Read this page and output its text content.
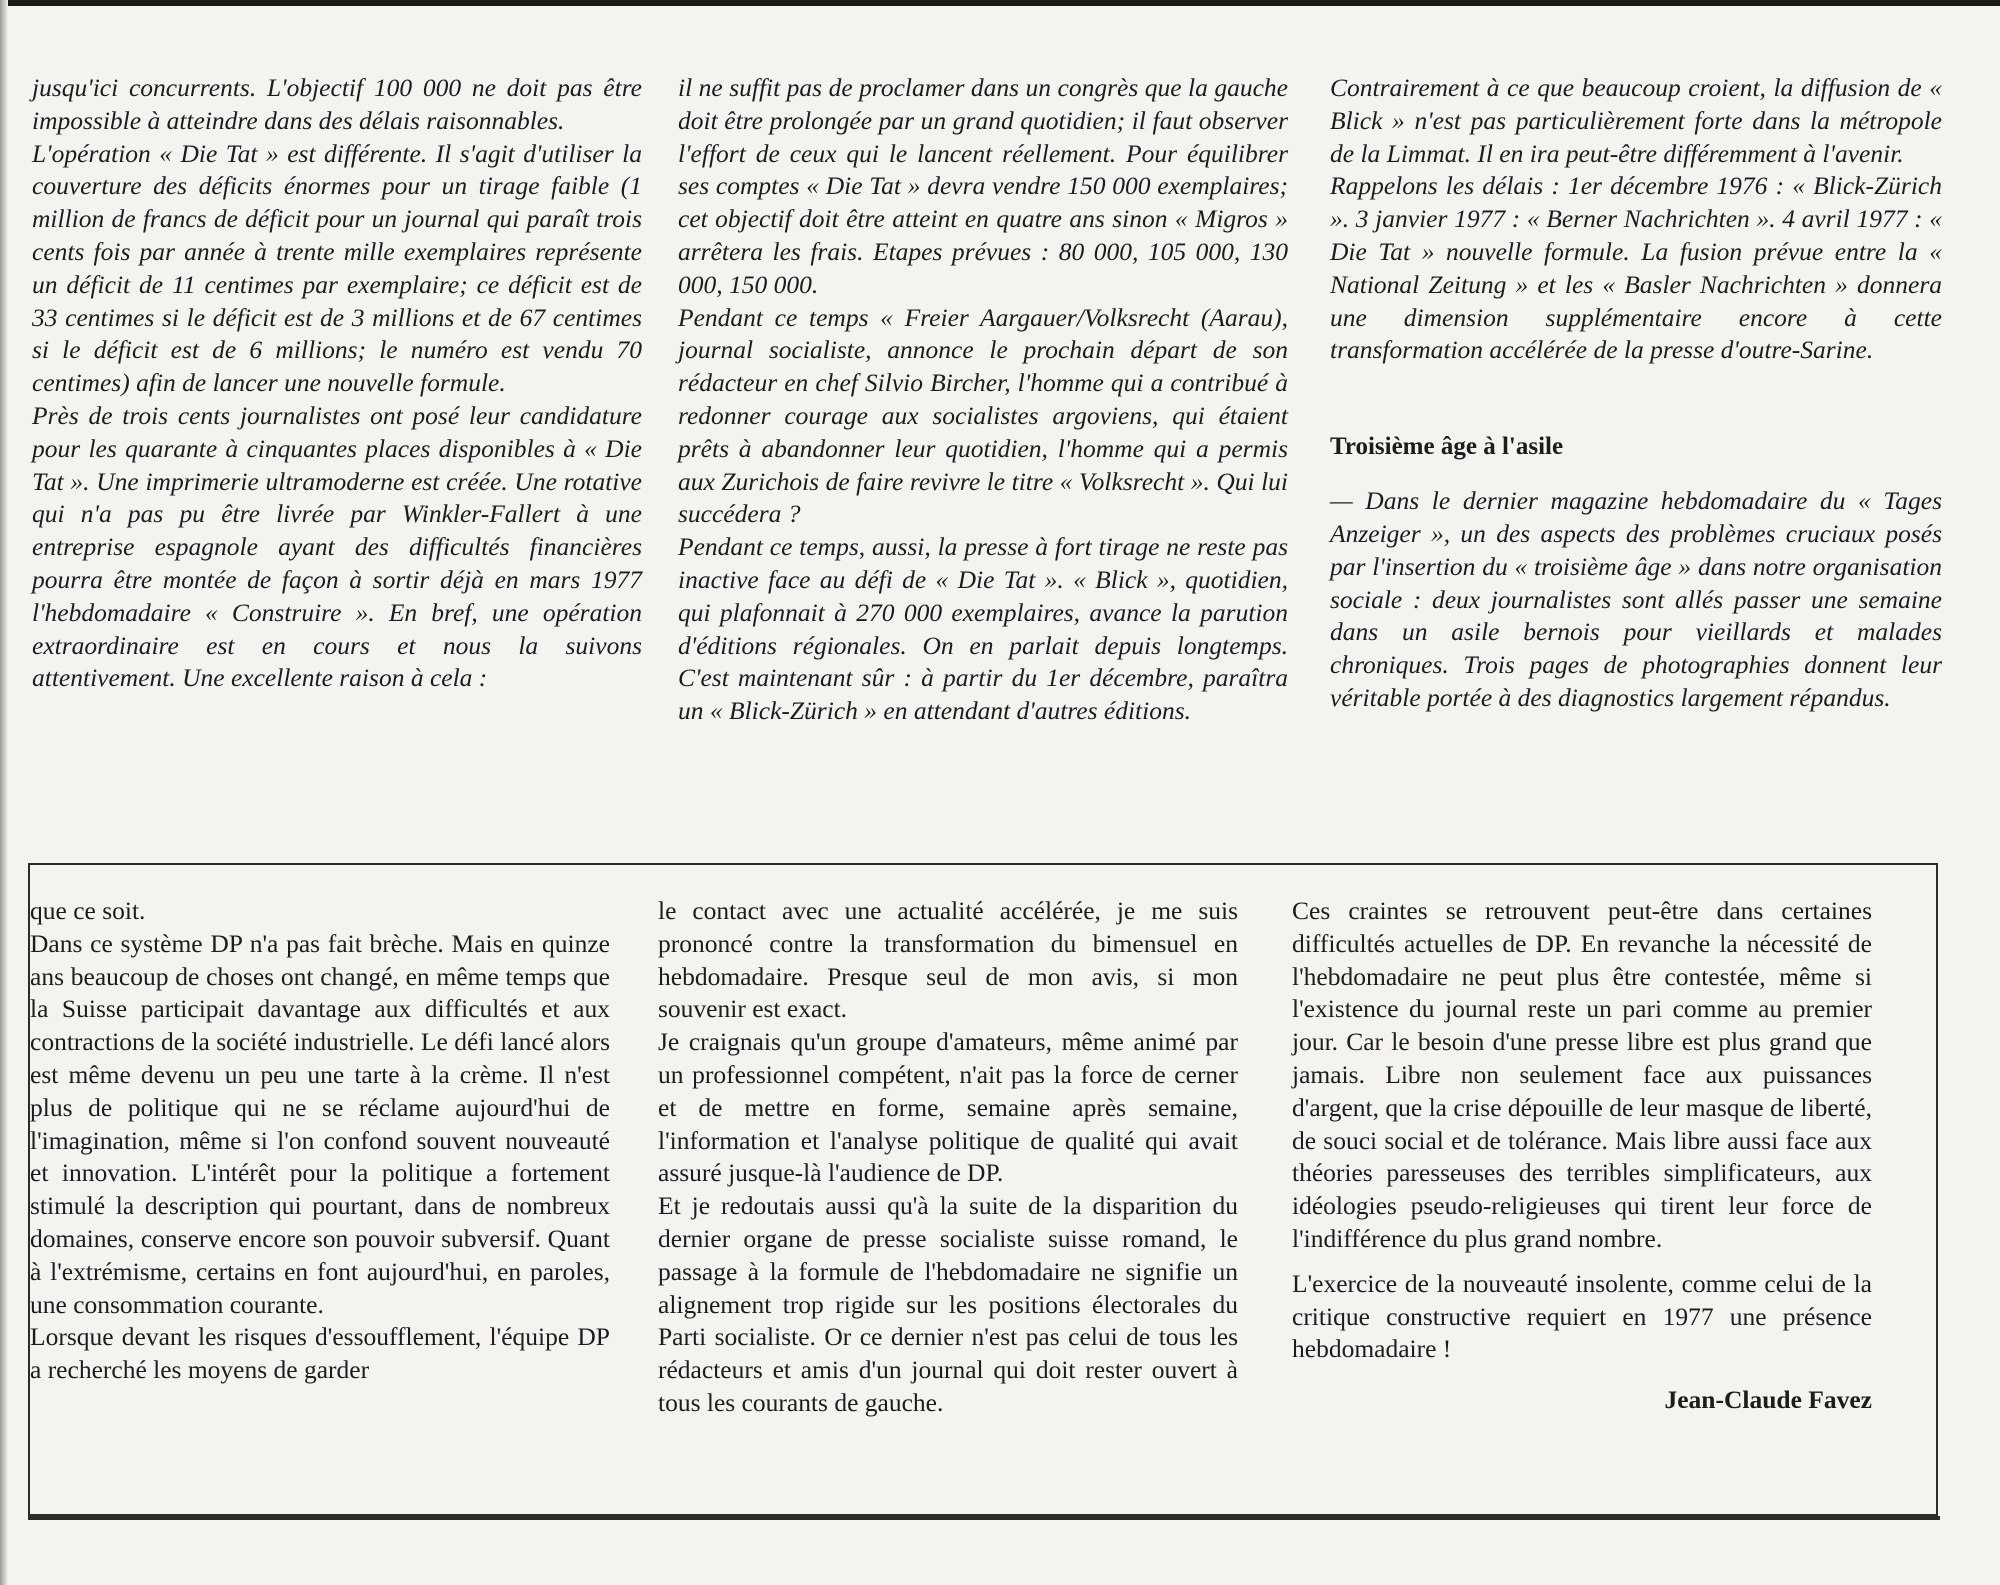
jusqu'ici concurrents. L'objectif 100 000 ne doit pas être impossible à atteindre dans des délais raisonnables.

L'opération « Die Tat » est différente. Il s'agit d'utiliser la couverture des déficits énormes pour un tirage faible (1 million de francs de déficit pour un journal qui paraît trois cents fois par année à trente mille exemplaires représente un déficit de 11 centimes par exemplaire; ce déficit est de 33 centimes si le déficit est de 3 millions et de 67 centimes si le déficit est de 6 millions; le numéro est vendu 70 centimes) afin de lancer une nouvelle formule.

Près de trois cents journalistes ont posé leur candidature pour les quarante à cinquantes places disponibles à « Die Tat ». Une imprimerie ultramoderne est créée. Une rotative qui n'a pas pu être livrée par Winkler-Fallert à une entreprise espagnole ayant des difficultés financières pourra être montée de façon à sortir déjà en mars 1977 l'hebdomadaire « Construire ». En bref, une opération extraordinaire est en cours et nous la suivons attentivement. Une excellente raison à cela :

il ne suffit pas de proclamer dans un congrès que la gauche doit être prolongée par un grand quotidien; il faut observer l'effort de ceux qui le lancent réellement. Pour équilibrer ses comptes « Die Tat » devra vendre 150 000 exemplaires; cet objectif doit être atteint en quatre ans sinon « Migros » arrêtera les frais. Etapes prévues : 80 000, 105 000, 130 000, 150 000.

Pendant ce temps « Freier Aargauer/Volksrecht (Aarau), journal socialiste, annonce le prochain départ de son rédacteur en chef Silvio Bircher, l'homme qui a contribué à redonner courage aux socialistes argoviens, qui étaient prêts à abandonner leur quotidien, l'homme qui a permis aux Zurichois de faire revivre le titre « Volksrecht ». Qui lui succédera ?

Pendant ce temps, aussi, la presse à fort tirage ne reste pas inactive face au défi de « Die Tat ». « Blick », quotidien, qui plafonnait à 270 000 exemplaires, avance la parution d'éditions régionales. On en parlait depuis longtemps. C'est maintenant sûr : à partir du 1er décembre, paraîtra un « Blick-Zürich » en attendant d'autres éditions.

Contrairement à ce que beaucoup croient, la diffusion de « Blick » n'est pas particulièrement forte dans la métropole de la Limmat. Il en ira peut-être différemment à l'avenir.

Rappelons les délais : 1er décembre 1976 : « Blick-Zürich ». 3 janvier 1977 : « Berner Nachrichten ». 4 avril 1977 : « Die Tat » nouvelle formule. La fusion prévue entre la « National Zeitung » et les « Basler Nachrichten » donnera une dimension supplémentaire encore à cette transformation accélérée de la presse d'outre-Sarine.

Troisième âge à l'asile

— Dans le dernier magazine hebdomadaire du « Tages Anzeiger », un des aspects des problèmes cruciaux posés par l'insertion du « troisième âge » dans notre organisation sociale : deux journalistes sont allés passer une semaine dans un asile bernois pour vieillards et malades chroniques. Trois pages de photographies donnent leur véritable portée à des diagnostics largement répandus.

que ce soit.

Dans ce système DP n'a pas fait brèche. Mais en quinze ans beaucoup de choses ont changé, en même temps que la Suisse participait davantage aux difficultés et aux contractions de la société industrielle. Le défi lancé alors est même devenu un peu une tarte à la crème. Il n'est plus de politique qui ne se réclame aujourd'hui de l'imagination, même si l'on confond souvent nouveauté et innovation. L'intérêt pour la politique a fortement stimulé la description qui pourtant, dans de nombreux domaines, conserve encore son pouvoir subversif. Quant à l'extrémisme, certains en font aujourd'hui, en paroles, une consommation courante.

Lorsque devant les risques d'essoufflement, l'équipe DP a recherché les moyens de garder

le contact avec une actualité accélérée, je me suis prononcé contre la transformation du bimensuel en hebdomadaire. Presque seul de mon avis, si mon souvenir est exact.

Je craignais qu'un groupe d'amateurs, même animé par un professionnel compétent, n'ait pas la force de cerner et de mettre en forme, semaine après semaine, l'information et l'analyse politique de qualité qui avait assuré jusque-là l'audience de DP.

Et je redoutais aussi qu'à la suite de la disparition du dernier organe de presse socialiste suisse romand, le passage à la formule de l'hebdomadaire ne signifie un alignement trop rigide sur les positions électorales du Parti socialiste. Or ce dernier n'est pas celui de tous les rédacteurs et amis d'un journal qui doit rester ouvert à tous les courants de gauche.

Ces craintes se retrouvent peut-être dans certaines difficultés actuelles de DP. En revanche la nécessité de l'hebdomadaire ne peut plus être contestée, même si l'existence du journal reste un pari comme au premier jour. Car le besoin d'une presse libre est plus grand que jamais. Libre non seulement face aux puissances d'argent, que la crise dépouille de leur masque de liberté, de souci social et de tolérance. Mais libre aussi face aux théories paresseuses des terribles simplificateurs, aux idéologies pseudo-religieuses qui tirent leur force de l'indifférence du plus grand nombre.

L'exercice de la nouveauté insolente, comme celui de la critique constructive requiert en 1977 une présence hebdomadaire !

Jean-Claude Favez
